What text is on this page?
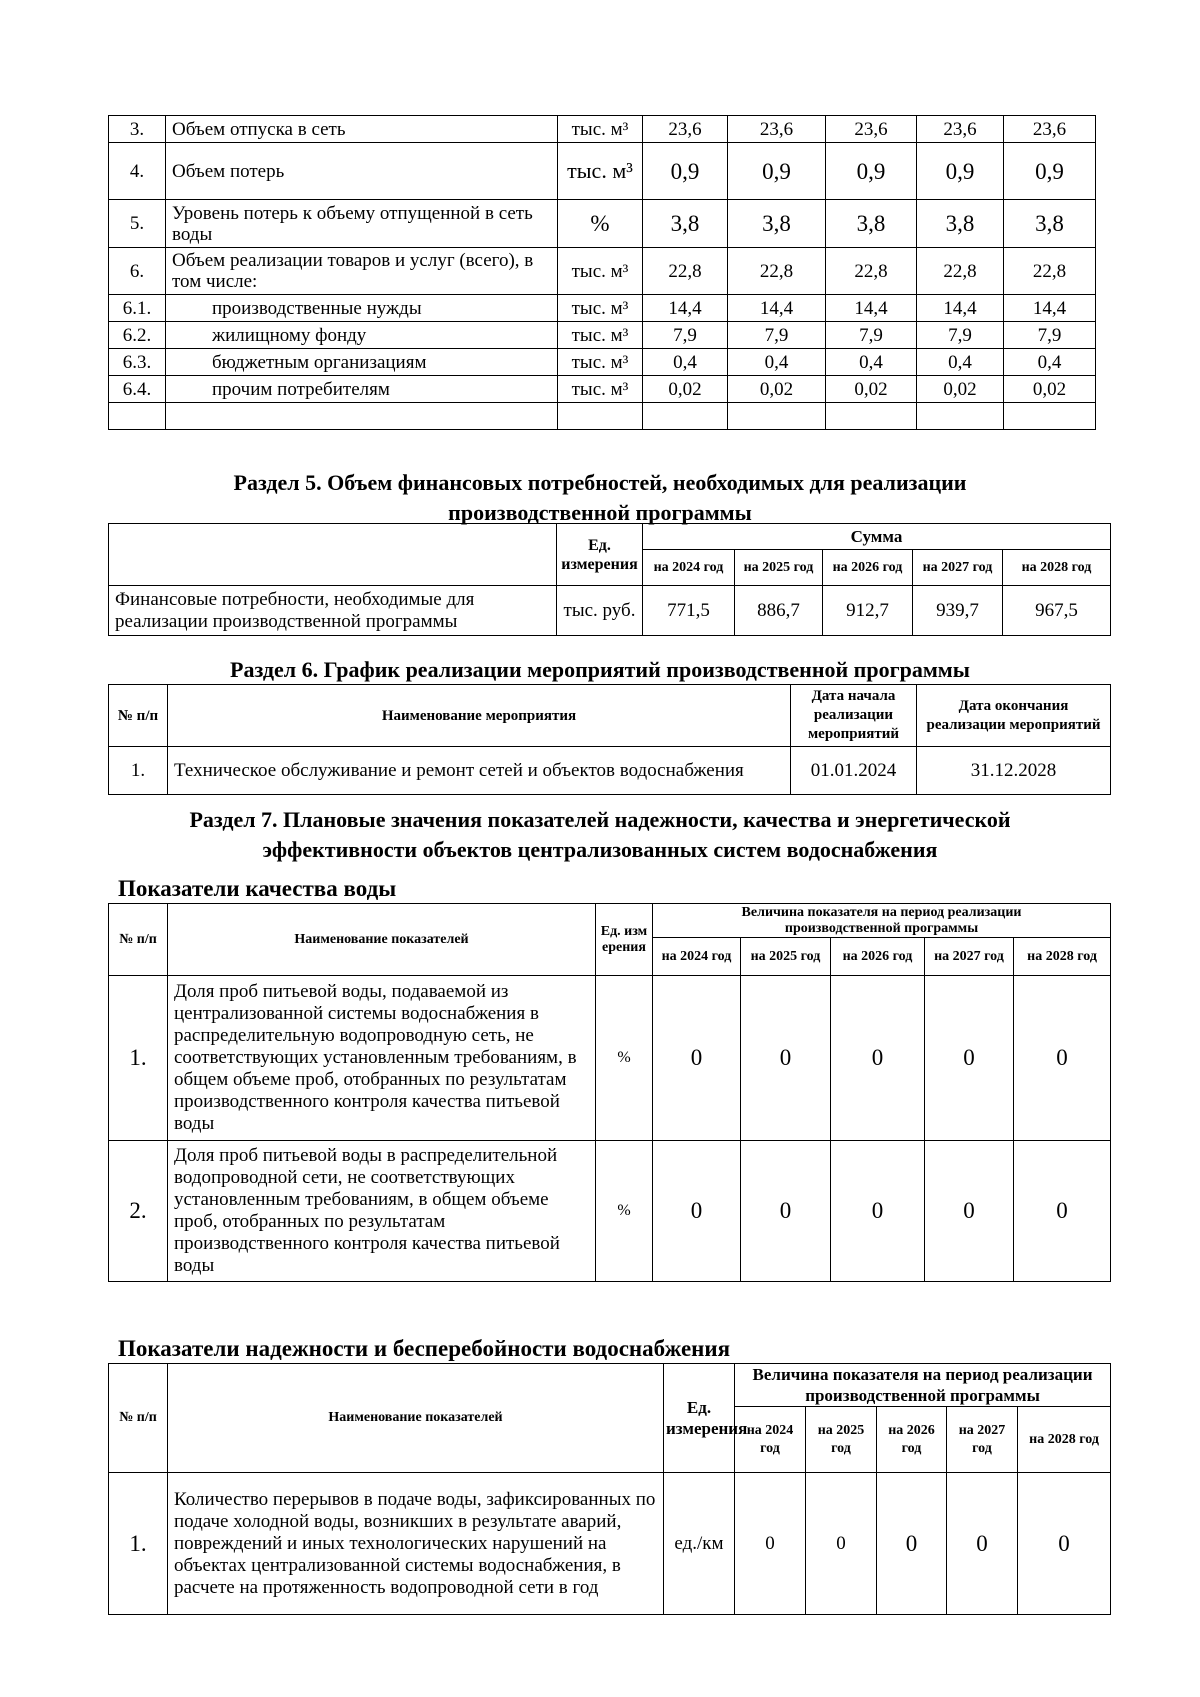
3.	Объем отпуска в сеть	тыс. м³	23,6	23,6	23,6	23,6	23,6
4.	Объем потерь	тыс. м³	0,9	0,9	0,9	0,9	0,9
5.	Уровень потерь к объему отпущенной в сеть воды	%	3,8	3,8	3,8	3,8	3,8
6.	Объем реализации товаров и услуг (всего), в том числе:	тыс. м³	22,8	22,8	22,8	22,8	22,8
6.1.	производственные нужды	тыс. м³	14,4	14,4	14,4	14,4	14,4
6.2.	жилищному фонду	тыс. м³	7,9	7,9	7,9	7,9	7,9
6.3.	бюджетным организациям	тыс. м³	0,4	0,4	0,4	0,4	0,4
6.4.	прочим потребителям	тыс. м³	0,02	0,02	0,02	0,02	0,02

Раздел 5. Объем финансовых потребностей, необходимых для реализации
производственной программы
	Ед. измерения	Сумма				
		на 2024 год	на 2025 год	на 2026 год	на 2027 год	на 2028 год
Финансовые потребности, необходимые для реализации производственной программы	тыс. руб.	771,5	886,7	912,7	939,7	967,5
Раздел 6. График реализации мероприятий производственной программы
№ п/п	Наименование мероприятия	Дата начала реализации мероприятий	Дата окончания реализации мероприятий
1.	Техническое обслуживание и ремонт сетей и объектов водоснабжения	01.01.2024	31.12.2028
Раздел 7. Плановые значения показателей надежности, качества и энергетической
эффективности объектов централизованных систем водоснабжения
Показатели качества воды
№ п/п	Наименование показателей	Ед. измерения	Величина показателя на период реализации производственной программы				
			на 2024 год	на 2025 год	на 2026 год	на 2027 год	на 2028 год
1.	Доля проб питьевой воды, подаваемой из централизованной системы водоснабжения в распределительную водопроводную сеть, не соответствующих установленным требованиям, в общем объеме проб, отобранных по результатам производственного контроля качества питьевой воды	%	0	0	0	0	0
2.	Доля проб питьевой воды в распределительной водопроводной сети, не соответствующих установленным требованиям, в общем объеме проб, отобранных по результатам производственного контроля качества питьевой воды	%	0	0	0	0	0
Показатели надежности и бесперебойности водоснабжения
№ п/п	Наименование показателей	Ед. измерения	Величина показателя на период реализации производственной программы				
			на 2024 год	на 2025 год	на 2026 год	на 2027 год	на 2028 год
1.	Количество перерывов в подаче воды, зафиксированных по подаче холодной воды, возникших в результате аварий, повреждений и иных технологических нарушений на объектах централизованной системы водоснабжения, в расчете на протяженность водопроводной сети в год	ед./км	0	0	0	0	0
